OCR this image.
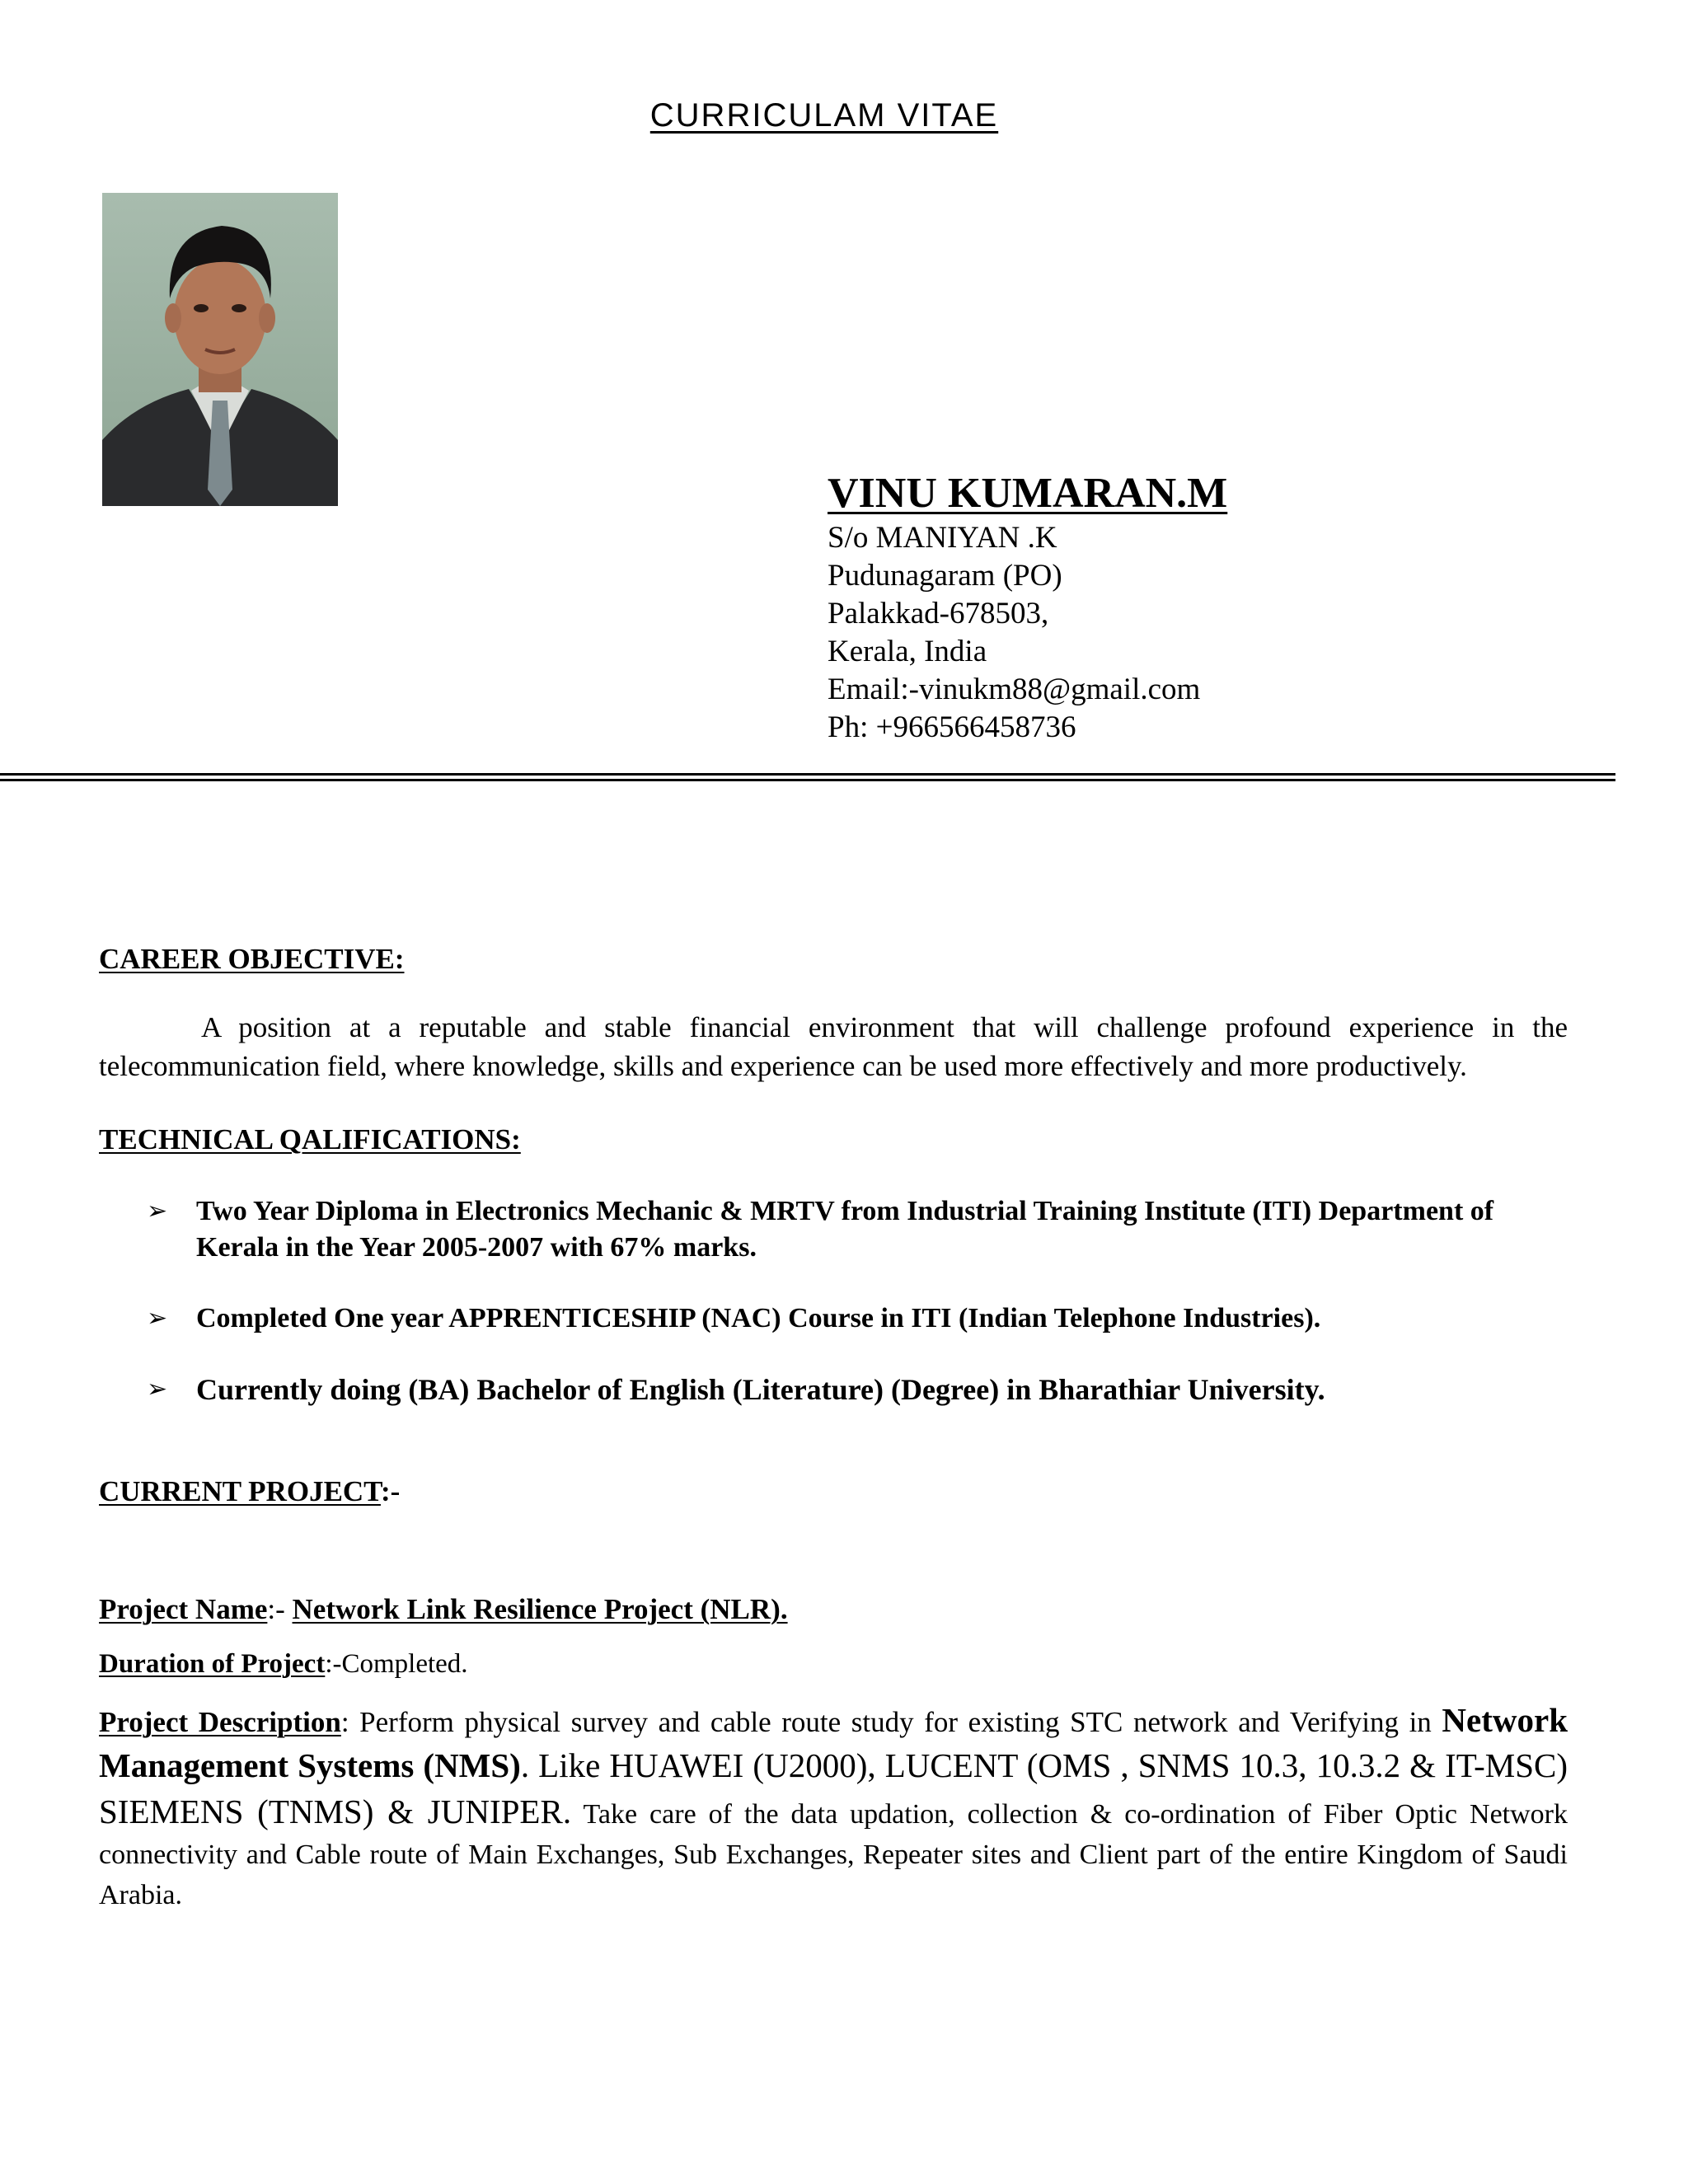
CURRICULAM VITAE
VINU KUMARAN.M
S/o MANIYAN .K
Pudunagaram (PO)
Palakkad-678503,
Kerala, India
Email:-vinukm88@gmail.com
Ph: +966566458736
CAREER OBJECTIVE:
A position at a reputable and stable financial environment that will challenge profound experience in the telecommunication field, where knowledge, skills and experience can be used more effectively and more productively.
TECHNICAL QALIFICATIONS:
➢ Two Year Diploma in Electronics Mechanic & MRTV from Industrial Training Institute (ITI) Department of Kerala in the Year 2005-2007 with 67% marks.
➢ Completed One year APPRENTICESHIP (NAC) Course in ITI (Indian Telephone Industries).
➢ Currently doing (BA) Bachelor of English (Literature) (Degree) in Bharathiar University.
CURRENT PROJECT:-
Project Name:- Network Link Resilience Project (NLR).
Duration of Project:-Completed.
Project Description: Perform physical survey and cable route study for existing STC network and Verifying in Network Management Systems (NMS). Like HUAWEI (U2000), LUCENT (OMS , SNMS 10.3, 10.3.2 & IT-MSC) SIEMENS (TNMS) & JUNIPER. Take care of the data updation, collection & co-ordination of Fiber Optic Network connectivity and Cable route of Main Exchanges, Sub Exchanges, Repeater sites and Client part of the entire Kingdom of Saudi Arabia.
